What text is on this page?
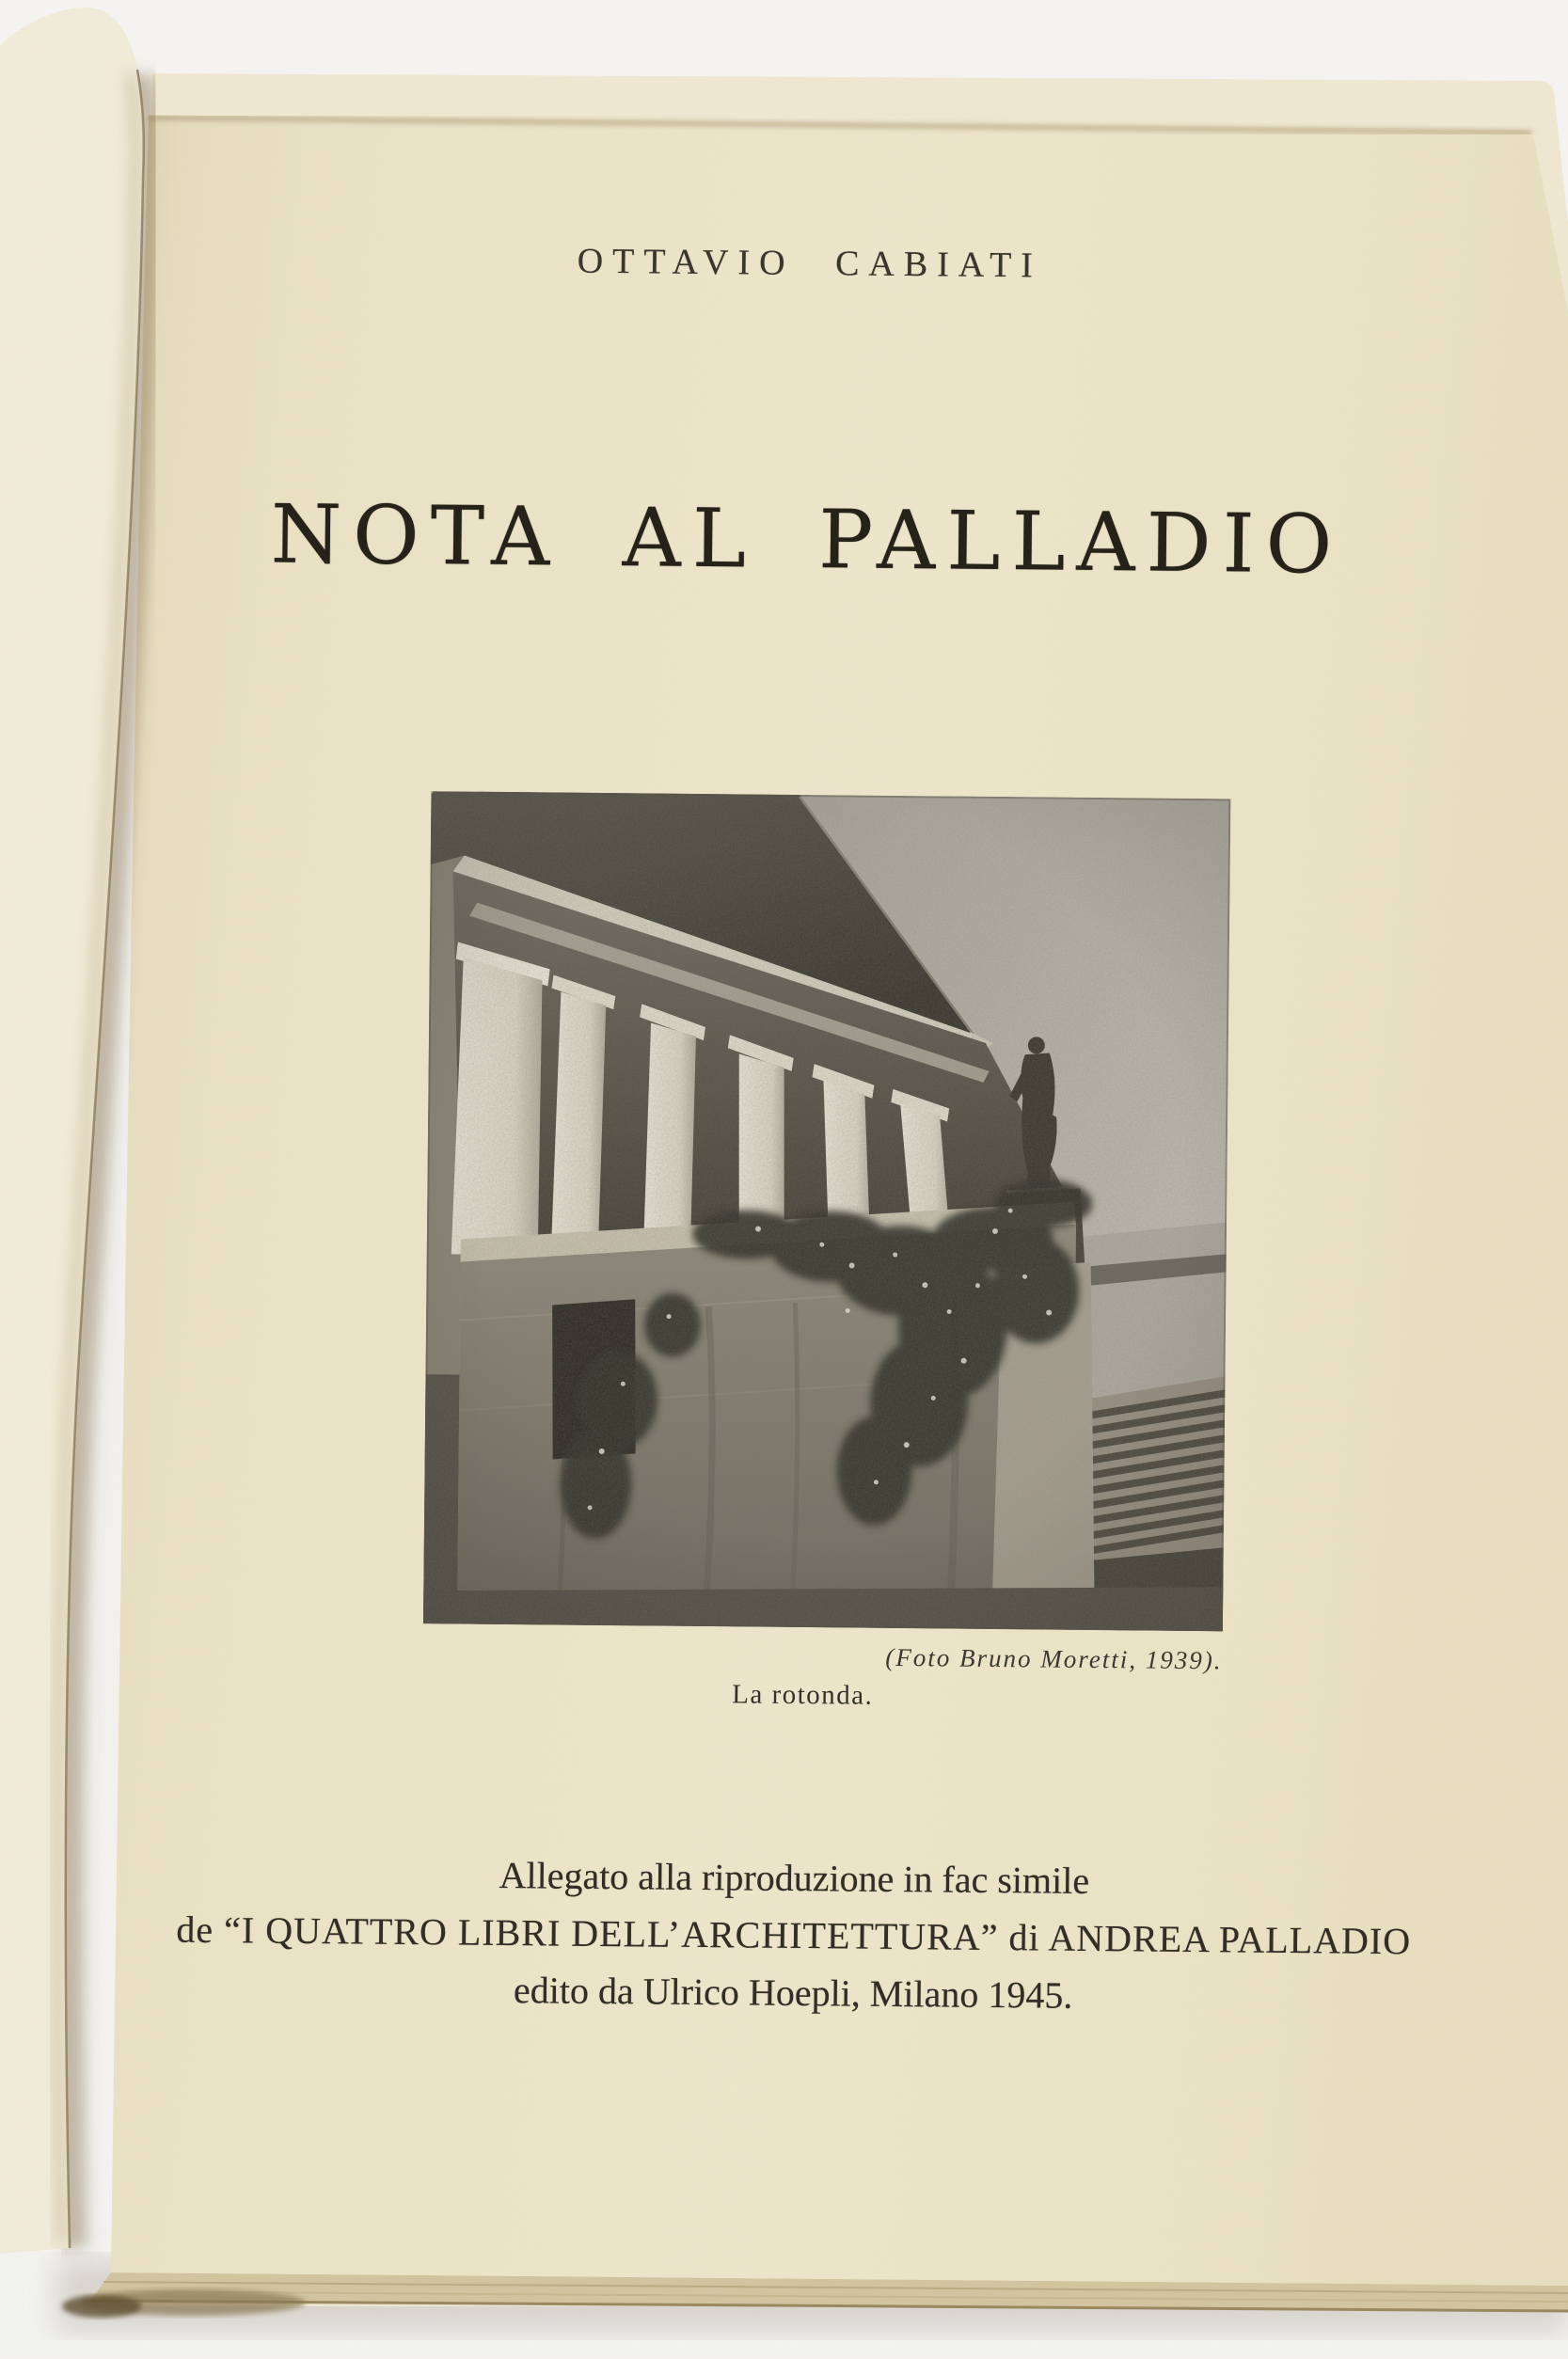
OTTAVIO CABIATI
NOTA AL PALLADIO
(Foto Bruno Moretti, 1939).
La rotonda.
Allegato alla riproduzione in fac simile
de “I QUATTRO LIBRI DELL’ARCHITETTURA” di ANDREA PALLADIO
edito da Ulrico Hoepli, Milano 1945.
